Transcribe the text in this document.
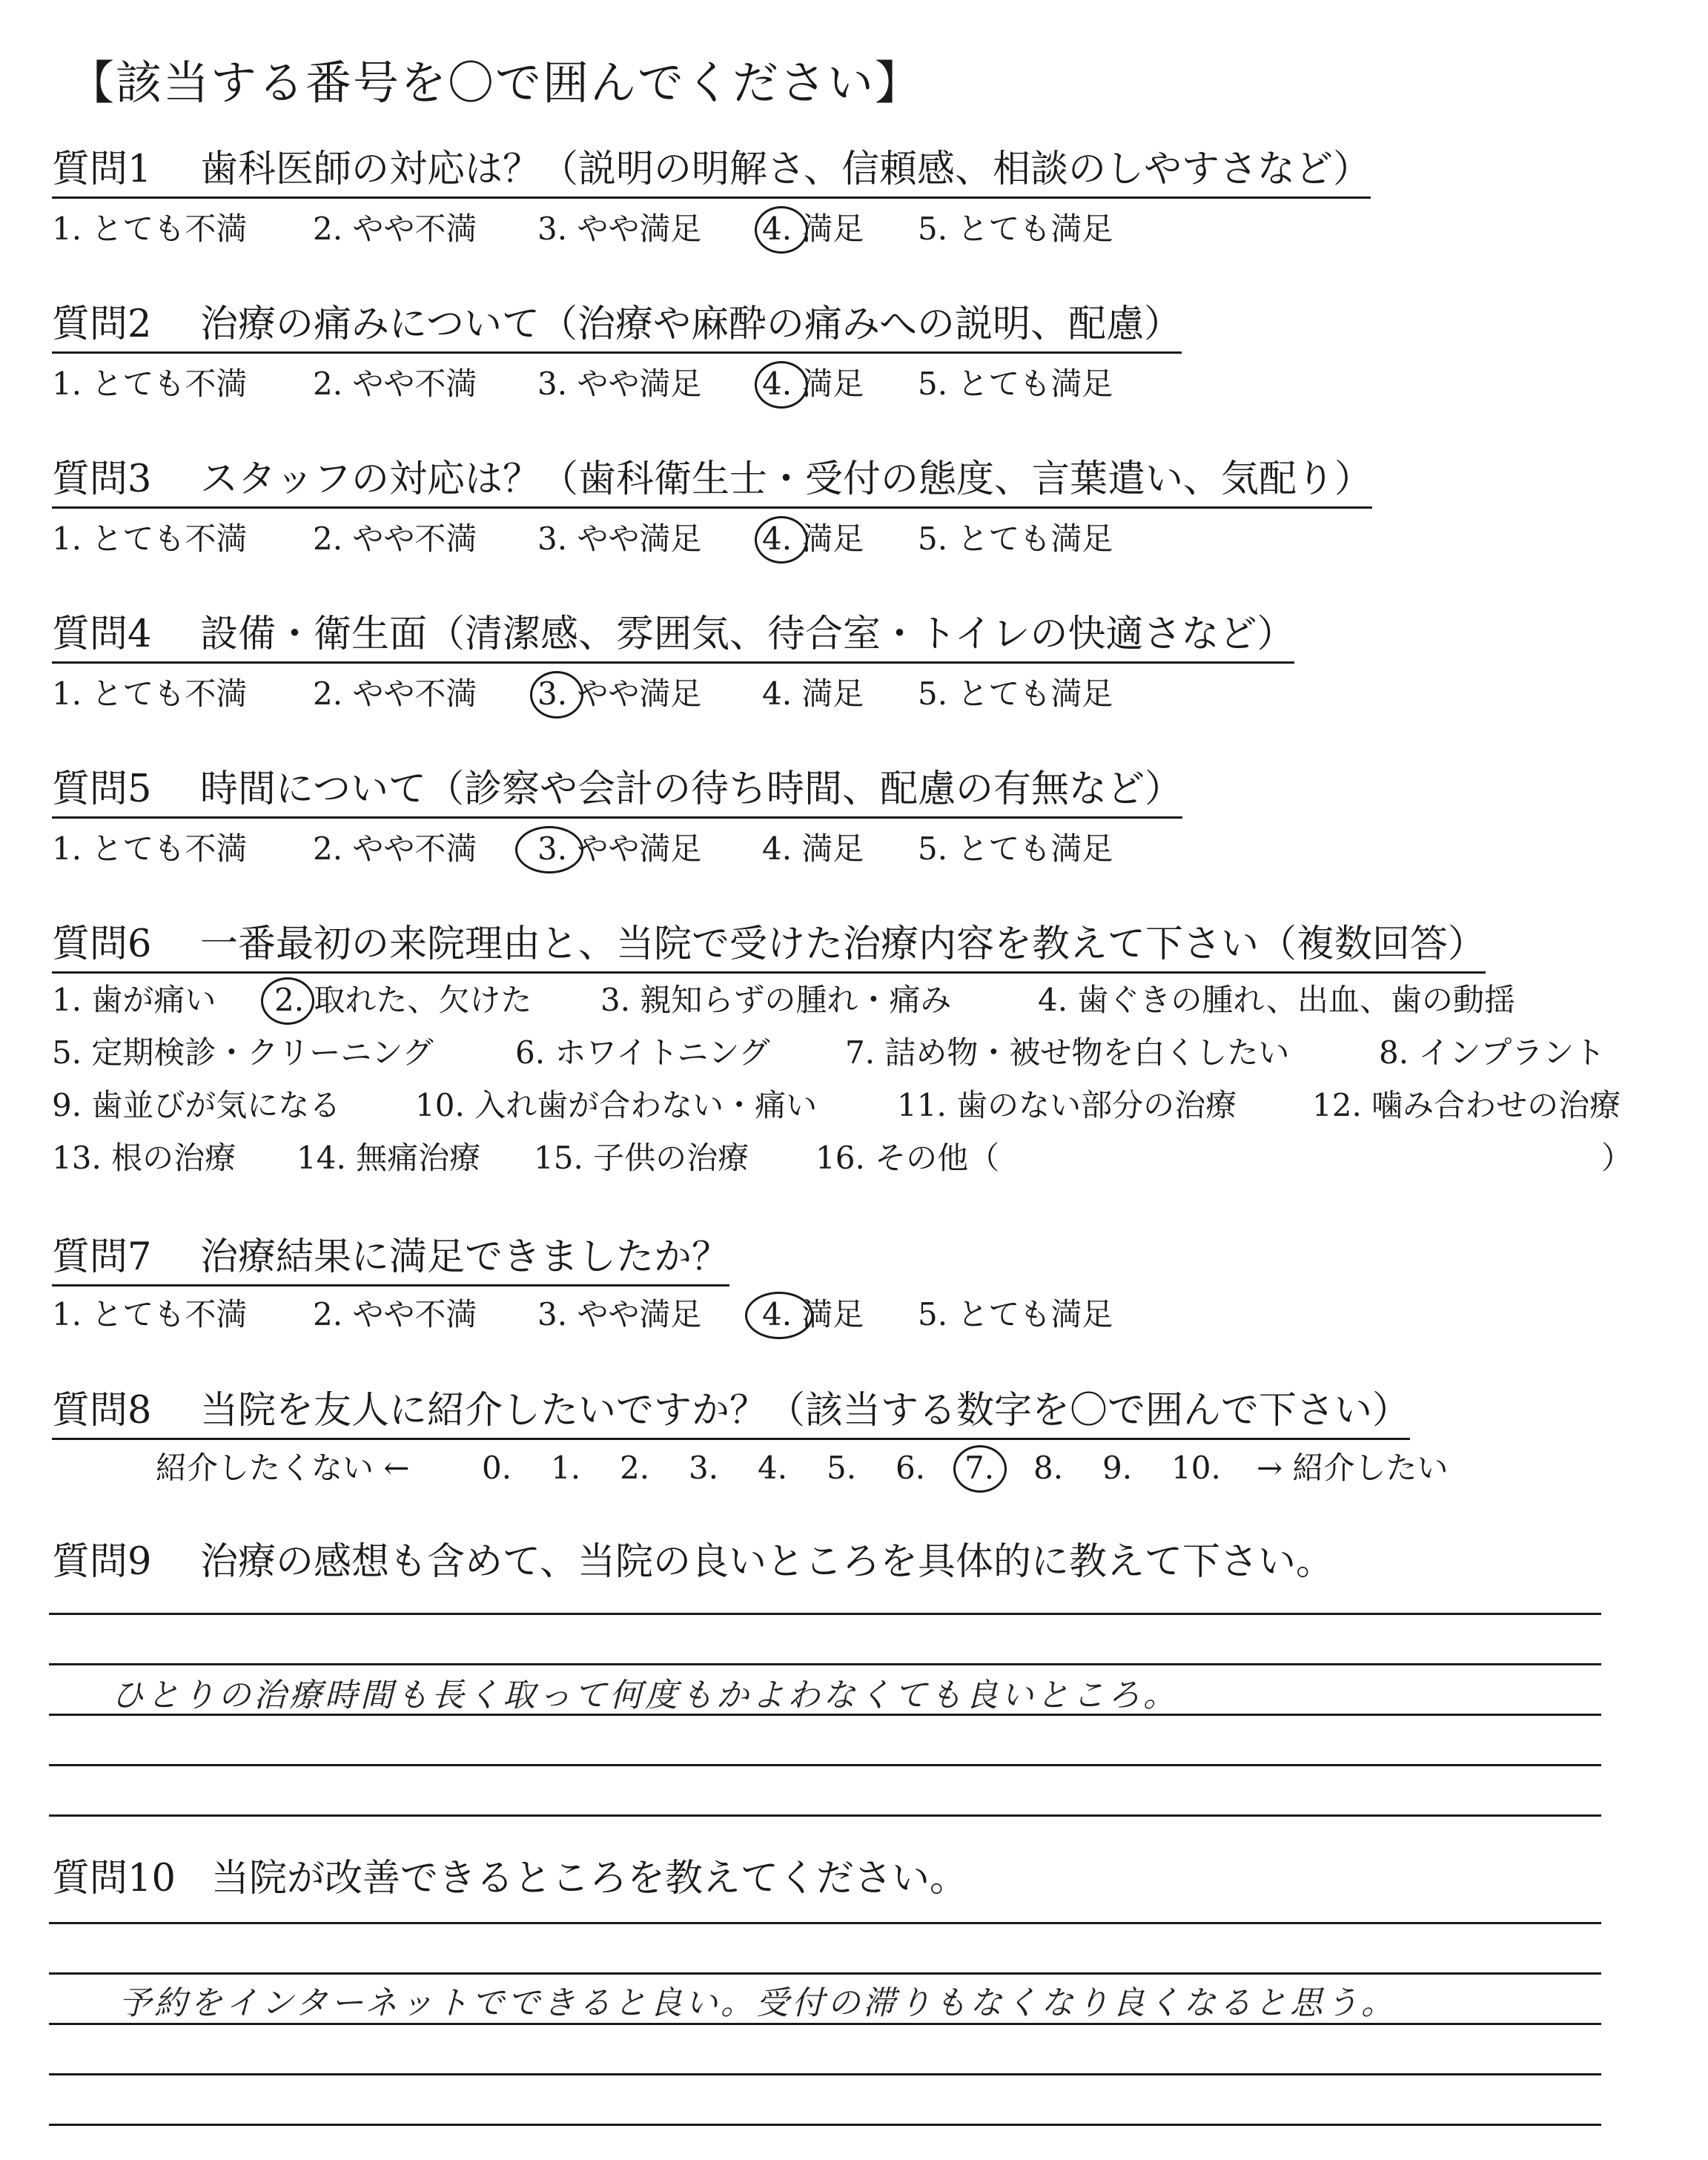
【該当する番号を〇で囲んでください】
質問1 歯科医師の対応は？（説明の明解さ、信頼感、相談のしやすさなど）
1. とても不満 2. やや不満 3. やや満足 4. 満足 5. とても満足
質問2 治療の痛みについて（治療や麻酔の痛みへの説明、配慮）
1. とても不満 2. やや不満 3. やや満足 4. 満足 5. とても満足
質問3 スタッフの対応は？（歯科衛生士・受付の態度、言葉遣い、気配り）
1. とても不満 2. やや不満 3. やや満足 4. 満足 5. とても満足
質問4 設備・衛生面（清潔感、雰囲気、待合室・トイレの快適さなど）
1. とても不満 2. やや不満 3. やや満足 4. 満足 5. とても満足
質問5 時間について（診察や会計の待ち時間、配慮の有無など）
1. とても不満 2. やや不満 3. やや満足 4. 満足 5. とても満足
質問6 一番最初の来院理由と、当院で受けた治療内容を教えて下さい（複数回答）
1. 歯が痛い 2. 取れた、欠けた 3. 親知らずの腫れ・痛み	4. 歯ぐきの腫れ、出血、歯の動揺
5. 定期検診・クリーニング	6. ホワイトニング 7. 詰め物・被せ物を白くしたい	8. インプラント
9. 歯並びが気になる 10. 入れ歯が合わない・痛い	11. 歯のない部分の治療 12. 噛み合わせの治療
13. 根の治療 14. 無痛治療 15. 子供の治療 16. その他（	）
質問7 治療結果に満足できましたか？
1. とても不満 2. やや不満 3. やや満足 4. 満足 5. とても満足
質問8 当院を友人に紹介したいですか？（該当する数字を〇で囲んで下さい）
紹介したくない ← 0. 1. 2. 3. 4. 5. 6. 7. 8. 9. 10. → 紹介したい
質問9 治療の感想も含めて、当院の良いところを具体的に教えて下さい。
ひとりの治療時間も長く取って何度もかよわなくても良いところ。
質問10 当院が改善できるところを教えてください。
予約をインターネットでできると良い。受付の滞りもなくなり良くなると思う。
